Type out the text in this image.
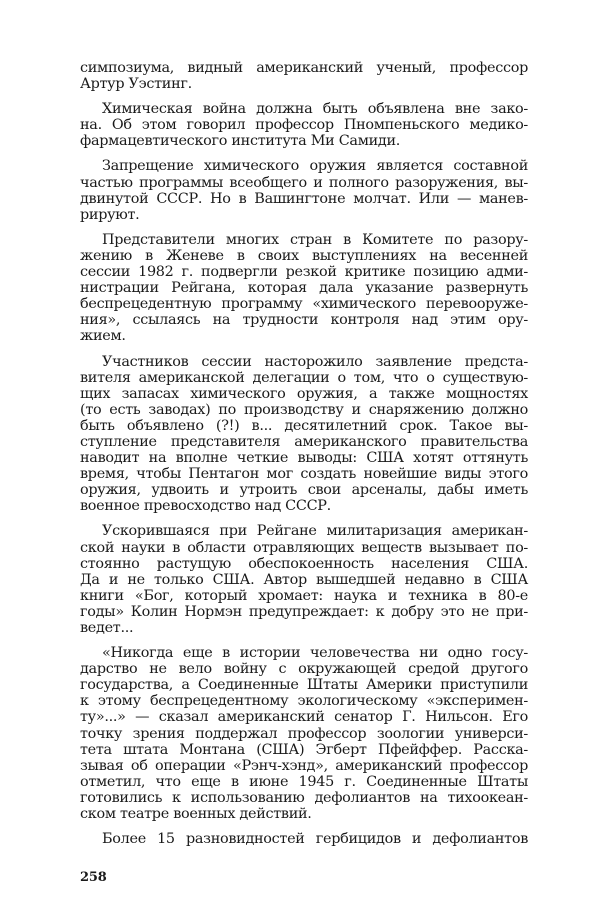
симпозиума, видный американский ученый, профессор
Артур Уэстинг.
Химическая война должна быть объявлена вне зако-
на. Об этом говорил профессор Пномпеньского медико-
фармацевтического института Ми Самиди.
Запрещение химического оружия является составной
частью программы всеобщего и полного разоружения, вы-
двинутой СССР. Но в Вашингтоне молчат. Или — манев-
рируют.
Представители многих стран в Комитете по разору-
жению в Женеве в своих выступлениях на весенней
сессии 1982 г. подвергли резкой критике позицию адми-
нистрации Рейгана, которая дала указание развернуть
беспрецедентную программу «химического перевооруже-
ния», ссылаясь на трудности контроля над этим ору-
жием.
Участников сессии насторожило заявление предста-
вителя американской делегации о том, что о существую-
щих запасах химического оружия, а также мощностях
(то есть заводах) по производству и снаряжению должно
быть объявлено (?!) в... десятилетний срок. Такое вы-
ступление представителя американского правительства
наводит на вполне четкие выводы: США хотят оттянуть
время, чтобы Пентагон мог создать новейшие виды этого
оружия, удвоить и утроить свои арсеналы, дабы иметь
военное превосходство над СССР.
Ускорившаяся при Рейгане милитаризация американ-
ской науки в области отравляющих веществ вызывает по-
стоянно растущую обеспокоенность населения США.
Да и не только США. Автор вышедшей недавно в США
книги «Бог, который хромает: наука и техника в 80-е
годы» Колин Нормэн предупреждает: к добру это не при-
ведет...
«Никогда еще в истории человечества ни одно госу-
дарство не вело войну с окружающей средой другого
государства, а Соединенные Штаты Америки приступили
к этому беспрецедентному экологическому «эксперимен-
ту»...» — сказал американский сенатор Г. Нильсон. Его
точку зрения поддержал профессор зоологии универси-
тета штата Монтана (США) Эгберт Пфейффер. Расска-
зывая об операции «Рэнч-хэнд», американский профессор
отметил, что еще в июне 1945 г. Соединенные Штаты
готовились к использованию дефолиантов на тихоокеан-
ском театре военных действий.
Более 15 разновидностей гербицидов и дефолиантов
258
